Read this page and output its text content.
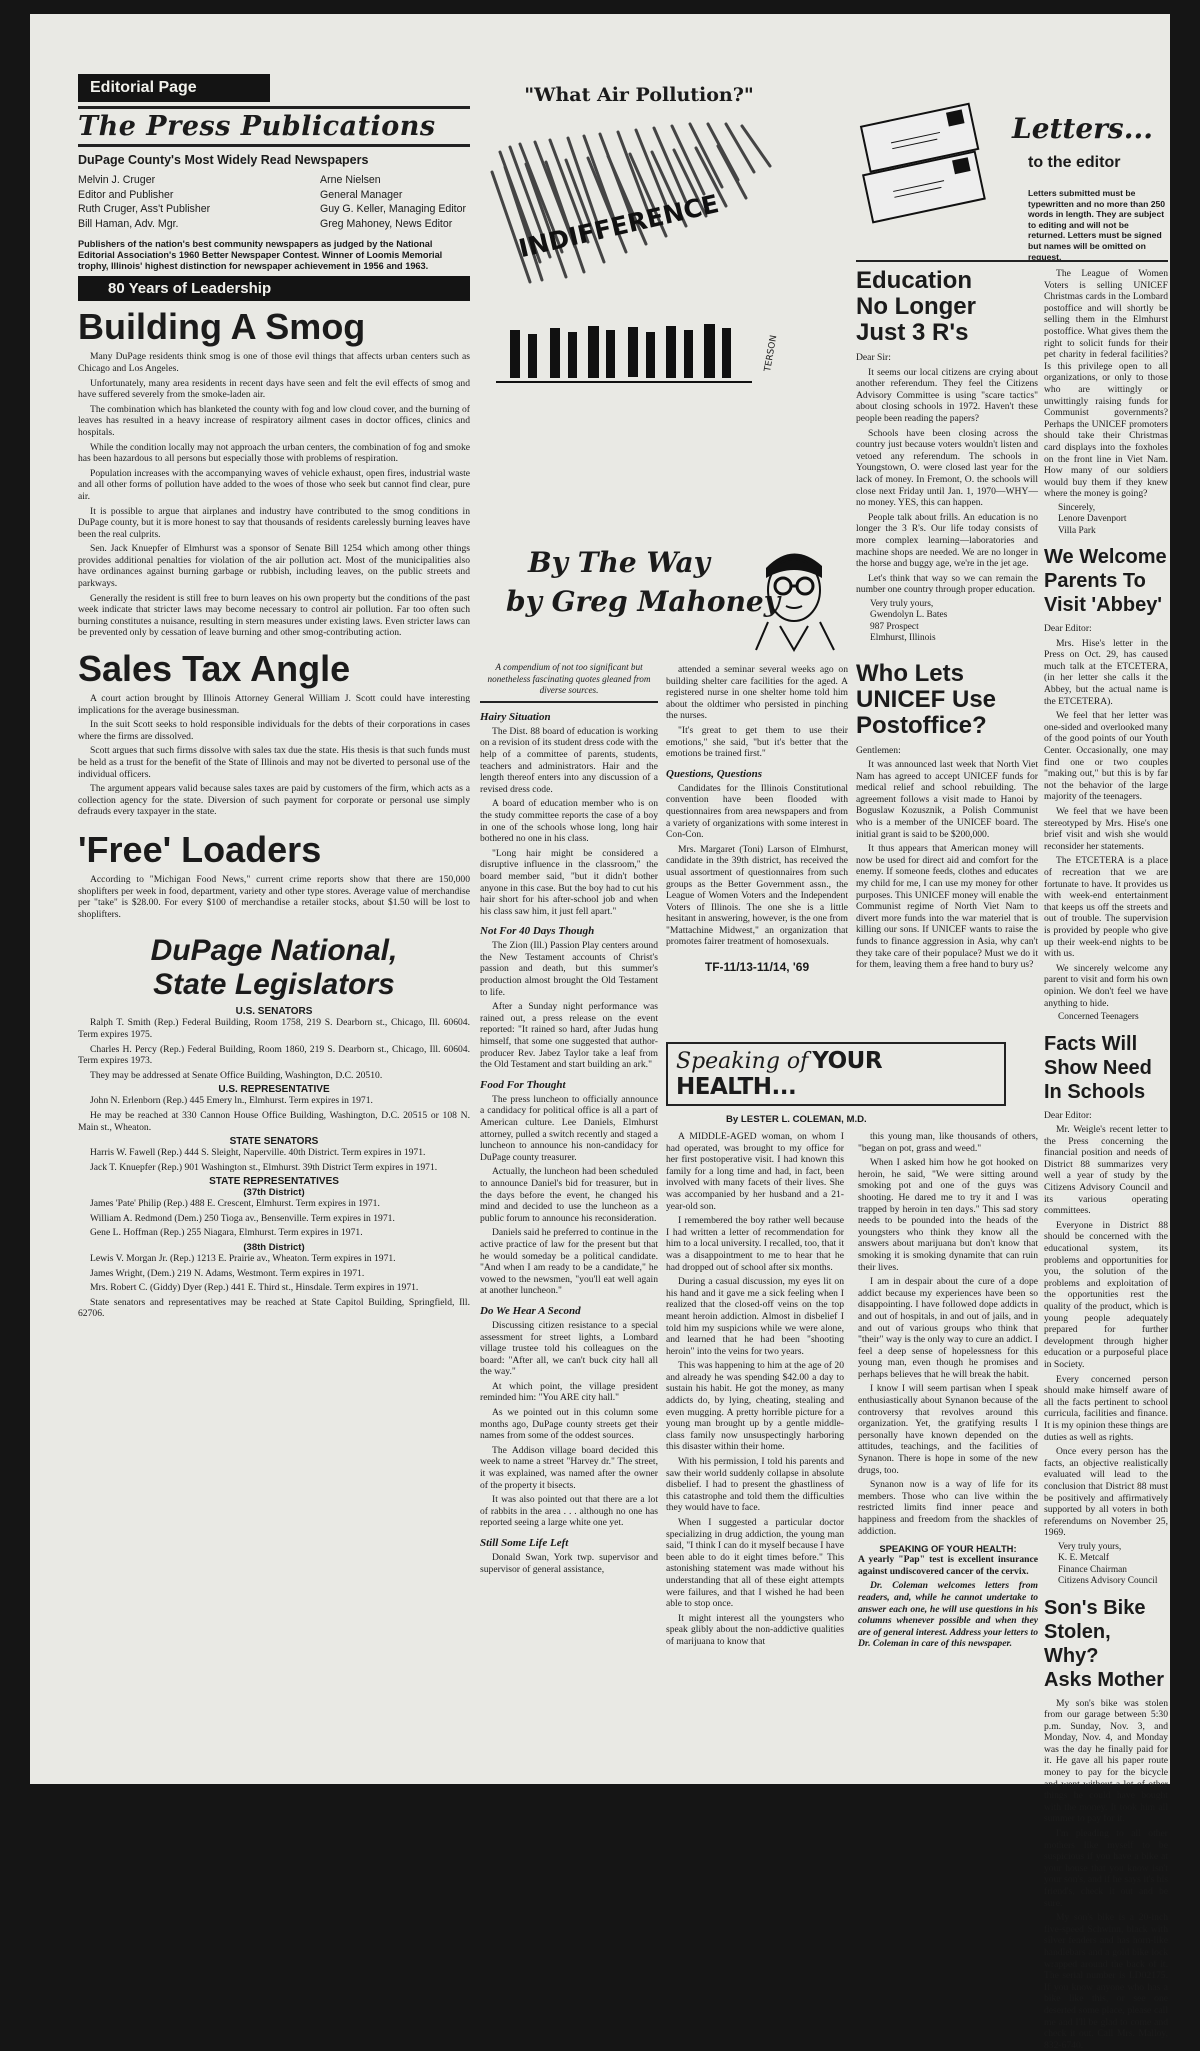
Editorial Page
The Press Publications
DuPage County's Most Widely Read Newspapers
Melvin J. Cruger	Arne Nielsen
Editor and Publisher	General Manager
Ruth Cruger, Ass't Publisher	Guy G. Keller, Managing Editor
Bill Haman, Adv. Mgr.	Greg Mahoney, News Editor
Publishers of the nation's best community newspapers as judged by the National Editorial Association's 1960 Better Newspaper Contest. Winner of Loomis Memorial trophy, Illinois' highest distinction for newspaper achievement in 1956 and 1963.
80 Years of Leadership
Building A Smog

Many DuPage residents think smog is one of those evil things that affects urban centers such as Chicago and Los Angeles.

Unfortunately, many area residents in recent days have seen and felt the evil effects of smog and have suffered severely from the smoke-laden air.

The combination which has blanketed the county with fog and low cloud cover, and the burning of leaves has resulted in a heavy increase of respiratory ailment cases in doctor offices, clinics and hospitals.

While the condition locally may not approach the urban centers, the combination of fog and smoke has been hazardous to all persons but especially those with problems of respiration.

Population increases with the accompanying waves of vehicle exhaust, open fires, industrial waste and all other forms of pollution have added to the woes of those who seek but cannot find clear, pure air.

It is possible to argue that airplanes and industry have contributed to the smog conditions in DuPage county, but it is more honest to say that thousands of residents carelessly burning leaves have been the real culprits.

Sen. Jack Knuepfer of Elmhurst was a sponsor of Senate Bill 1254 which among other things provides additional penalties for violation of the air pollution act. Most of the municipalities also have ordinances against burning garbage or rubbish, including leaves, on the public streets and parkways.

Generally the resident is still free to burn leaves on his own property but the conditions of the past week indicate that stricter laws may become necessary to control air pollution. Far too often such burning constitutes a nuisance, resulting in stern measures under existing laws. Even stricter laws can be prevented only by cessation of leave burning and other smog-contributing action.

Sales Tax Angle

A court action brought by Illinois Attorney General William J. Scott could have interesting implications for the average businessman.

In the suit Scott seeks to hold responsible individuals for the debts of their corporations in cases where the firms are dissolved.

Scott argues that such firms dissolve with sales tax due the state. His thesis is that such funds must be held as a trust for the benefit of the State of Illinois and may not be diverted to personal use of the individual officers.

The argument appears valid because sales taxes are paid by customers of the firm, which acts as a collection agency for the state. Diversion of such payment for corporate or personal use simply defrauds every taxpayer in the state.

'Free' Loaders

According to "Michigan Food News," current crime reports show that there are 150,000 shoplifters per week in food, department, variety and other type stores. Average value of merchandise per "take" is $28.00. For every $100 of merchandise a retailer stocks, about $1.50 will be lost to shoplifters.

DuPage National,
State Legislators
U.S. SENATORS

Ralph T. Smith (Rep.) Federal Building, Room 1758, 219 S. Dearborn st., Chicago, Ill. 60604. Term expires 1975.

Charles H. Percy (Rep.) Federal Building, Room 1860, 219 S. Dearborn st., Chicago, Ill. 60604. Term expires 1973.

They may be addressed at Senate Office Building, Washington, D.C. 20510.

U.S. REPRESENTATIVE

John N. Erlenborn (Rep.) 445 Emery ln., Elmhurst. Term expires in 1971.

He may be reached at 330 Cannon House Office Building, Washington, D.C. 20515 or 108 N. Main st., Wheaton.

STATE SENATORS

Harris W. Fawell (Rep.) 444 S. Sleight, Naperville. 40th District. Term expires in 1971.

Jack T. Knuepfer (Rep.) 901 Washington st., Elmhurst. 39th District Term expires in 1971.

STATE REPRESENTATIVES
(37th District)

James 'Pate' Philip (Rep.) 488 E. Crescent, Elmhurst. Term expires in 1971.

William A. Redmond (Dem.) 250 Tioga av., Bensenville. Term expires in 1971.

Gene L. Hoffman (Rep.) 255 Niagara, Elmhurst. Term expires in 1971.

(38th District)

Lewis V. Morgan Jr. (Rep.) 1213 E. Prairie av., Wheaton. Term expires in 1971.

James Wright, (Dem.) 219 N. Adams, Westmont. Term expires in 1971.

Mrs. Robert C. (Giddy) Dyer (Rep.) 441 E. Third st., Hinsdale. Term expires in 1971.

State senators and representatives may be reached at State Capitol Building, Springfield, Ill. 62706.

"What Air Pollution?"
INDIFFERENCE
TERSON
By The Way
by Greg Mahoney

A compendium of not too significant but nonetheless fascinating quotes gleaned from diverse sources.

Hairy Situation

The Dist. 88 board of education is working on a revision of its student dress code with the help of a committee of parents, students, teachers and administrators. Hair and the length thereof enters into any discussion of a revised dress code.

A board of education member who is on the study committee reports the case of a boy in one of the schools whose long, long hair bothered no one in his class.

"Long hair might be considered a disruptive influence in the classroom," the board member said, "but it didn't bother anyone in this case. But the boy had to cut his hair short for his after-school job and when his class saw him, it just fell apart."

Not For 40 Days Though

The Zion (Ill.) Passion Play centers around the New Testament accounts of Christ's passion and death, but this summer's production almost brought the Old Testament to life.

After a Sunday night performance was rained out, a press release on the event reported: "It rained so hard, after Judas hung himself, that some one suggested that author-producer Rev. Jabez Taylor take a leaf from the Old Testament and start building an ark."

Food For Thought

The press luncheon to officially announce a candidacy for political office is all a part of American culture. Lee Daniels, Elmhurst attorney, pulled a switch recently and staged a luncheon to announce his non-candidacy for DuPage county treasurer.

Actually, the luncheon had been scheduled to announce Daniel's bid for treasurer, but in the days before the event, he changed his mind and decided to use the luncheon as a public forum to announce his reconsideration.

Daniels said he preferred to continue in the active practice of law for the present but that he would someday be a political candidate. "And when I am ready to be a candidate," he vowed to the newsmen, "you'll eat well again at another luncheon."

Do We Hear A Second

Discussing citizen resistance to a special assessment for street lights, a Lombard village trustee told his colleagues on the board: "After all, we can't buck city hall all the way."

At which point, the village president reminded him: "You ARE city hall."

As we pointed out in this column some months ago, DuPage county streets get their names from some of the oddest sources.

The Addison village board decided this week to name a street "Harvey dr." The street, it was explained, was named after the owner of the property it bisects.

It was also pointed out that there are a lot of rabbits in the area . . . although no one has reported seeing a large white one yet.

Still Some Life Left

Donald Swan, York twp. supervisor and supervisor of general assistance,

attended a seminar several weeks ago on building shelter care facilities for the aged. A registered nurse in one shelter home told him about the oldtimer who persisted in pinching the nurses.

"It's great to get them to use their emotions," she said, "but it's better that the emotions be trained first."

Questions, Questions

Candidates for the Illinois Constitutional convention have been flooded with questionnaires from area newspapers and from a variety of organizations with some interest in Con-Con.

Mrs. Margaret (Toni) Larson of Elmhurst, candidate in the 39th district, has received the usual assortment of questionnaires from such groups as the Better Government assn., the League of Women Voters and the Independent Voters of Illinois. The one she is a little hesitant in answering, however, is the one from "Mattachine Midwest," an organization that promotes fairer treatment of homosexuals.

TF-11/13-11/14, '69
Speaking of YOUR HEALTH...
By LESTER L. COLEMAN, M.D.

A MIDDLE-AGED woman, on whom I had operated, was brought to my office for her first postoperative visit. I had known this family for a long time and had, in fact, been involved with many facets of their lives. She was accompanied by her husband and a 21-year-old son.

I remembered the boy rather well because I had written a letter of recommendation for him to a local university. I recalled, too, that it was a disappointment to me to hear that he had dropped out of school after six months.

During a casual discussion, my eyes lit on his hand and it gave me a sick feeling when I realized that the closed-off veins on the top meant heroin addiction. Almost in disbelief I told him my suspicions while we were alone, and learned that he had been "shooting heroin" into the veins for two years.

This was happening to him at the age of 20 and already he was spending $42.00 a day to sustain his habit. He got the money, as many addicts do, by lying, cheating, stealing and even mugging. A pretty horrible picture for a young man brought up by a gentle middle-class family now unsuspectingly harboring this disaster within their home.

With his permission, I told his parents and saw their world suddenly collapse in absolute disbelief. I had to present the ghastliness of this catastrophe and told them the difficulties they would have to face.

When I suggested a particular doctor specializing in drug addiction, the young man said, "I think I can do it myself because I have been able to do it eight times before." This astonishing statement was made without his understanding that all of these eight attempts were failures, and that I wished he had been able to stop once.

It might interest all the youngsters who speak glibly about the non-addictive qualities of marijuana to know that

this young man, like thousands of others, "began on pot, grass and weed."

When I asked him how he got hooked on heroin, he said, "We were sitting around smoking pot and one of the guys was shooting. He dared me to try it and I was trapped by heroin in ten days." This sad story needs to be pounded into the heads of the youngsters who think they know all the answers about marijuana but don't know that smoking it is smoking dynamite that can ruin their lives.

I am in despair about the cure of a dope addict because my experiences have been so disappointing. I have followed dope addicts in and out of hospitals, in and out of jails, and in and out of various groups who think that "their" way is the only way to cure an addict. I feel a deep sense of hopelessness for this young man, even though he promises and perhaps believes that he will break the habit.

I know I will seem partisan when I speak enthusiastically about Synanon because of the controversy that revolves around this organization. Yet, the gratifying results I personally have known depended on the attitudes, teachings, and the facilities of Synanon. There is hope in some of the new drugs, too.

Synanon now is a way of life for its members. Those who can live within the restricted limits find inner peace and happiness and freedom from the shackles of addiction.

SPEAKING OF YOUR HEALTH:

A yearly "Pap" test is excellent insurance against undiscovered cancer of the cervix.

Dr. Coleman welcomes letters from readers, and, while he cannot undertake to answer each one, he will use questions in his columns whenever possible and when they are of general interest. Address your letters to Dr. Coleman in care of this newspaper.

Letters...
to the editor
Letters submitted must be typewritten and no more than 250 words in length. They are subject to editing and will not be returned. Letters must be signed but names will be omitted on request.
Education
No Longer
Just 3 R's

Dear Sir:

It seems our local citizens are crying about another referendum. They feel the Citizens Advisory Committee is using "scare tactics" about closing schools in 1972. Haven't these people been reading the papers?

Schools have been closing across the country just because voters wouldn't listen and vetoed any referendum. The schools in Youngstown, O. were closed last year for the lack of money. In Fremont, O. the schools will close next Friday until Jan. 1, 1970—WHY—no money. YES, this can happen.

People talk about frills. An education is no longer the 3 R's. Our life today consists of more complex learning—laboratories and machine shops are needed. We are no longer in the horse and buggy age, we're in the jet age.

Let's think that way so we can remain the number one country through proper education.

Very truly yours,

Gwendolyn L. Bates

987 Prospect

Elmhurst, Illinois

Who Lets
UNICEF Use
Postoffice?

Gentlemen:

It was announced last week that North Viet Nam has agreed to accept UNICEF funds for medical relief and school rebuilding. The agreement follows a visit made to Hanoi by Boguslaw Kozusznik, a Polish Communist who is a member of the UNICEF board. The initial grant is said to be $200,000.

It thus appears that American money will now be used for direct aid and comfort for the enemy. If someone feeds, clothes and educates my child for me, I can use my money for other purposes. This UNICEF money will enable the Communist regime of North Viet Nam to divert more funds into the war materiel that is killing our sons. If UNICEF wants to raise the funds to finance aggression in Asia, why can't they take care of their populace? Must we do it for them, leaving them a free hand to bury us?

The League of Women Voters is selling UNICEF Christmas cards in the Lombard postoffice and will shortly be selling them in the Elmhurst postoffice. What gives them the right to solicit funds for their pet charity in federal facilities? Is this privilege open to all organizations, or only to those who are wittingly or unwittingly raising funds for Communist governments? Perhaps the UNICEF promoters should take their Christmas card displays into the foxholes on the front line in Viet Nam. How many of our soldiers would buy them if they knew where the money is going?

Sincerely,

Lenore Davenport

Villa Park

We Welcome
Parents To
Visit 'Abbey'

Dear Editor:

Mrs. Hise's letter in the Press on Oct. 29, has caused much talk at the ETCETERA, (in her letter she calls it the Abbey, but the actual name is the ETCETERA).

We feel that her letter was one-sided and overlooked many of the good points of our Youth Center. Occasionally, one may find one or two couples "making out," but this is by far not the behavior of the large majority of the teenagers.

We feel that we have been stereotyped by Mrs. Hise's one brief visit and wish she would reconsider her statements.

The ETCETERA is a place of recreation that we are fortunate to have. It provides us with week-end entertainment that keeps us off the streets and out of trouble. The supervision is provided by people who give up their week-end nights to be with us.

We sincerely welcome any parent to visit and form his own opinion. We don't feel we have anything to hide.

Concerned Teenagers

Facts Will
Show Need
In Schools

Dear Editor:

Mr. Weigle's recent letter to the Press concerning the financial position and needs of District 88 summarizes very well a year of study by the Citizens Advisory Council and its various operating committees.

Everyone in District 88 should be concerned with the educational system, its problems and opportunities for you, the solution of the problems and exploitation of the opportunities rest the quality of the product, which is young people adequately prepared for further development through higher education or a purposeful place in Society.

Every concerned person should make himself aware of all the facts pertinent to school curricula, facilities and finance. It is my opinion these things are duties as well as rights.

Once every person has the facts, an objective realistically evaluated will lead to the conclusion that District 88 must be positively and affirmatively supported by all voters in both referendums on November 25, 1969.

Very truly yours,

K. E. Metcalf

Finance Chairman

Citizens Advisory Council

Son's Bike
Stolen, Why?
Asks Mother

My son's bike was stolen from our garage between 5:30 p.m. Sunday, Nov. 3, and Monday, Nov. 4, and Monday was the day he finally paid for it. He gave all his paper route money to pay for the bicycle and went without a lot of other things he could have bought with the money. It took him all summer to pay for it.

I'm pleading to all other mothers like myself to be suspicious if you have a bike at your house that you know isn't your son's, and if he says it's his friend's, check it out and be sure.

My son's bike is a 20-inch five-speed Schwinn, black with silver fenders and has horn-like handlebars and a gold bike lock wrapped around the back of it. The serial number is LD02175. If you know anyone who has a bike like this, or see one deserted some place, please call me and I'll be glad to come and check it out. Call Mrs. Malloy, 832-6740.
